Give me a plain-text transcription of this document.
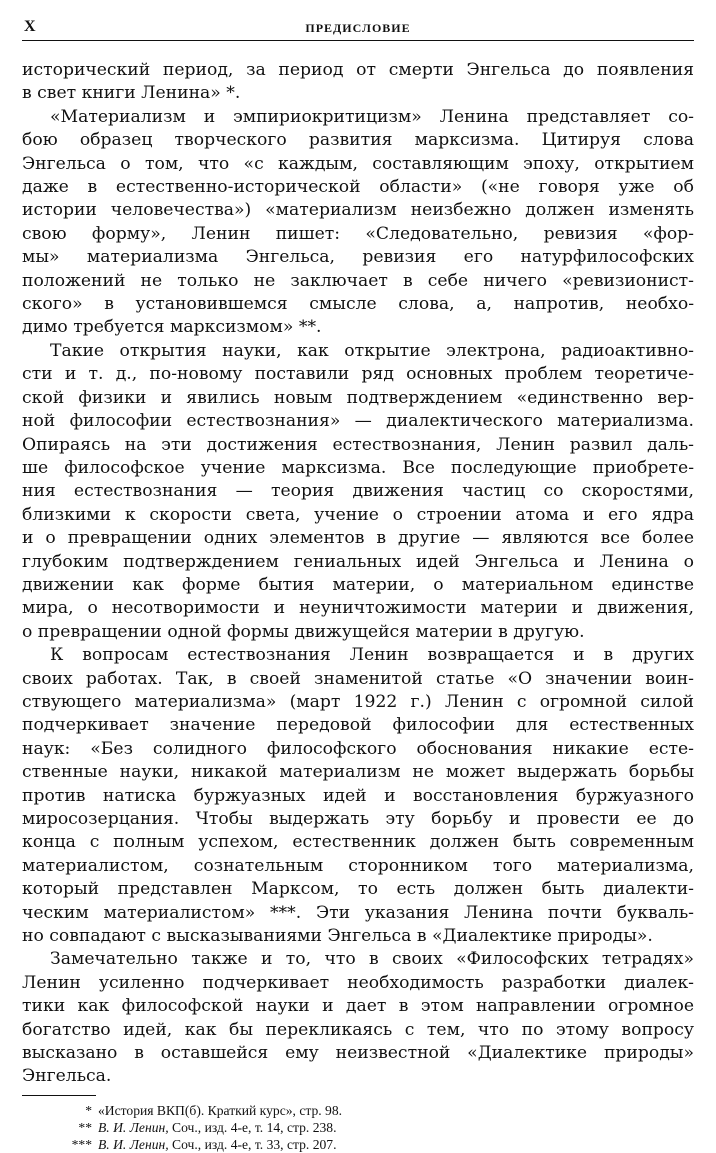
X	ПРЕДИСЛОВИЕ

исторический период, за период от смерти Энгельса до появления
в свет книги Ленина» *.

«Материализм и эмпириокритицизм» Ленина представляет со-
бою образец творческого развития марксизма. Цитируя слова
Энгельса о том, что «с каждым, составляющим эпоху, открытием
даже в естественно-исторической области» («не говоря уже об
истории человечества») «материализм неизбежно должен изменять
свою форму», Ленин пишет: «Следовательно, ревизия «фор-
мы» материализма Энгельса, ревизия его натурфилософских
положений не только не заключает в себе ничего «ревизионист-
ского» в установившемся смысле слова, а, напротив, необхо-
димо требуется марксизмом» **.

Такие открытия науки, как открытие электрона, радиоактивно-
сти и т. д., по-новому поставили ряд основных проблем теоретиче-
ской физики и явились новым подтверждением «единственно вер-
ной философии естествознания» — диалектического материализма.
Опираясь на эти достижения естествознания, Ленин развил даль-
ше философское учение марксизма. Все последующие приобрете-
ния естествознания — теория движения частиц со скоростями,
близкими к скорости света, учение о строении атома и его ядра
и о превращении одних элементов в другие — являются все более
глубоким подтверждением гениальных идей Энгельса и Ленина о
движении как форме бытия материи, о материальном единстве
мира, о несотворимости и неуничтожимости материи и движения,
о превращении одной формы движущейся материи в другую.

К вопросам естествознания Ленин возвращается и в других
своих работах. Так, в своей знаменитой статье «О значении воин-
ствующего материализма» (март 1922 г.) Ленин с огромной силой
подчеркивает значение передовой философии для естественных
наук: «Без солидного философского обоснования никакие есте-
ственные науки, никакой материализм не может выдержать борьбы
против натиска буржуазных идей и восстановления буржуазного
миросозерцания. Чтобы выдержать эту борьбу и провести ее до
конца с полным успехом, естественник должен быть современным
материалистом, сознательным сторонником того материализма,
который представлен Марксом, то есть должен быть диалекти-
ческим материалистом» ***. Эти указания Ленина почти букваль-
но совпадают с высказываниями Энгельса в «Диалектике природы».

Замечательно также и то, что в своих «Философских тетрадях»
Ленин усиленно подчеркивает необходимость разработки диалек-
тики как философской науки и дает в этом направлении огромное
богатство идей, как бы перекликаясь с тем, что по этому вопросу
высказано в оставшейся ему неизвестной «Диалектике природы»
Энгельса.

* «История ВКП(б). Краткий курс», стр. 98.
** В. И. Ленин, Соч., изд. 4-е, т. 14, стр. 238.
*** В. И. Ленин, Соч., изд. 4-е, т. 33, стр. 207.
